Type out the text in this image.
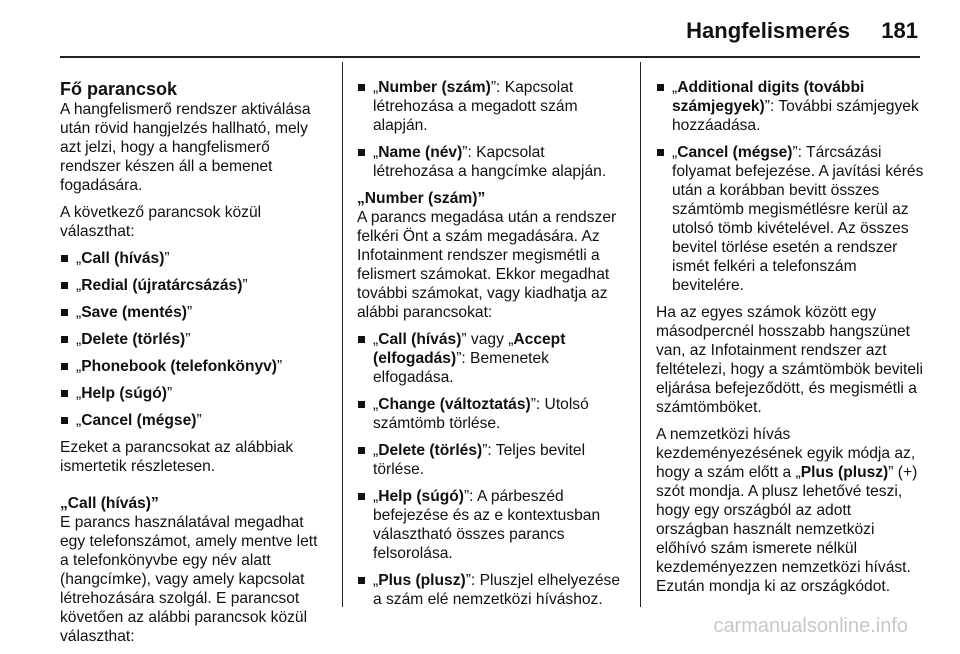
Hangfelismerés 181
Fő parancsok

A hangfelismerő rendszer aktiválása után rövid hangjelzés hallható, mely azt jelzi, hogy a hangfelismerő rendszer készen áll a bemenet fogadására.

A következő parancsok közül választhat:

„Call (hívás)”
„Redial (újratárcsázás)”
„Save (mentés)”
„Delete (törlés)”
„Phonebook (telefonkönyv)”
„Help (súgó)”
„Cancel (mégse)”

Ezeket a parancsokat az alábbiak ismertetik részletesen.

„Call (hívás)”

E parancs használatával megadhat egy telefonszámot, amely mentve lett a telefonkönyvbe egy név alatt (hangcímke), vagy amely kapcsolat létrehozására szolgál. E parancsot követően az alábbi parancsok közül választhat:

„Number (szám)”: Kapcsolat létrehozása a megadott szám alapján.
„Name (név)”: Kapcsolat létrehozása a hangcímke alapján.
„Number (szám)”

A parancs megadása után a rendszer felkéri Önt a szám megadására. Az Infotainment rendszer megismétli a felismert számokat. Ekkor megadhat további számokat, vagy kiadhatja az alábbi parancsokat:

„Call (hívás)” vagy „Accept (elfogadás)”: Bemenetek elfogadása.
„Change (változtatás)”: Utolsó számtömb törlése.
„Delete (törlés)”: Teljes bevitel törlése.
„Help (súgó)”: A párbeszéd befejezése és az e kontextusban választható összes parancs felsorolása.
„Plus (plusz)”: Pluszjel elhelyezése a szám elé nemzetközi híváshoz.
„Additional digits (további számjegyek)”: További számjegyek hozzáadása.
„Cancel (mégse)”: Tárcsázási folyamat befejezése. A javítási kérés után a korábban bevitt összes számtömb megismétlésre kerül az utolsó tömb kivételével. Az összes bevitel törlése esetén a rendszer ismét felkéri a telefonszám bevitelére.

Ha az egyes számok között egy másodpercnél hosszabb hangszünet van, az Infotainment rendszer azt feltételezi, hogy a számtömbök beviteli eljárása befejeződött, és megismétli a számtömböket.

A nemzetközi hívás kezdeményezésének egyik módja az, hogy a szám előtt a „Plus (plusz)” (+) szót mondja. A plusz lehetővé teszi, hogy egy országból az adott országban használt nemzetközi előhívó szám ismerete nélkül kezdeményezzen nemzetközi hívást. Ezután mondja ki az országkódot.

carmanualsonline.info
